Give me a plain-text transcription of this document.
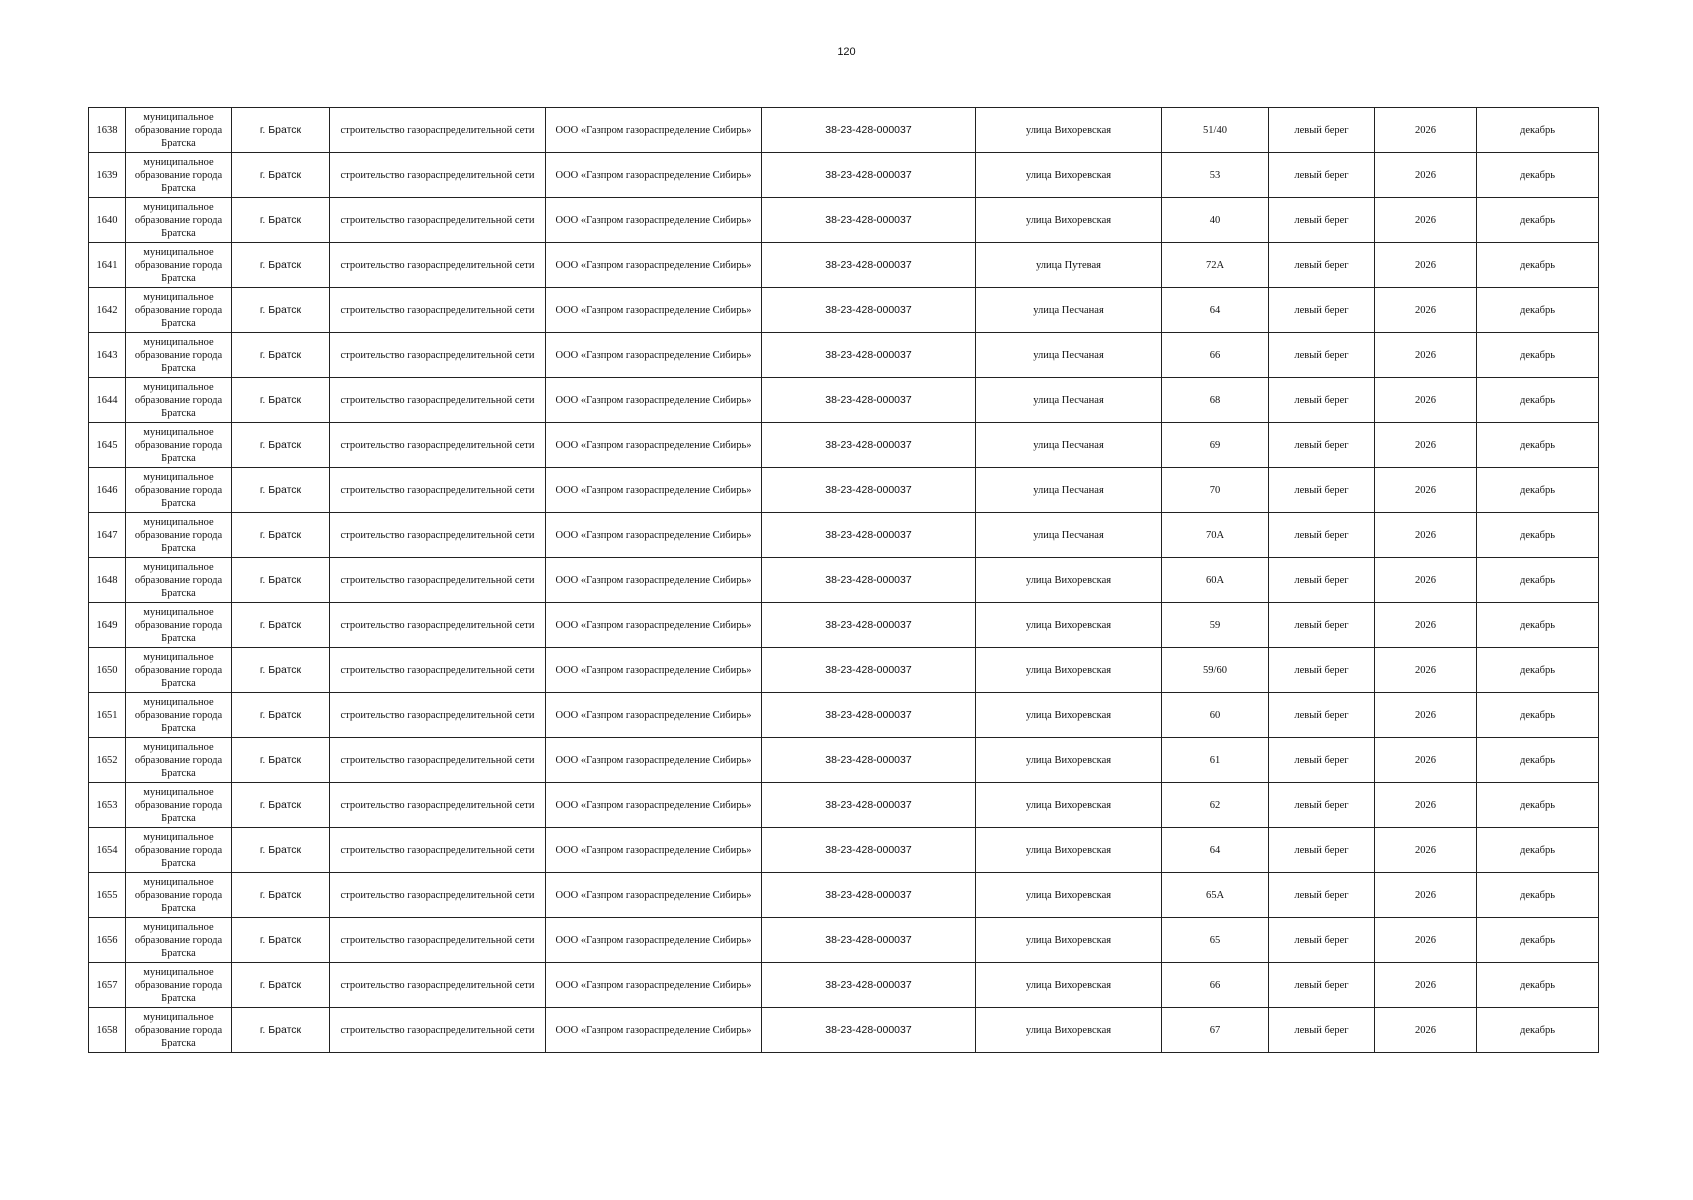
120
1638	муниципальное образование города Братска	г. Братск	строительство газораспределительной сети	ООО «Газпром газораспределение Сибирь»	38-23-428-000037	улица Вихоревская	51/40	левый берег	2026	декабрь
1639	муниципальное образование города Братска	г. Братск	строительство газораспределительной сети	ООО «Газпром газораспределение Сибирь»	38-23-428-000037	улица Вихоревская	53	левый берег	2026	декабрь
1640	муниципальное образование города Братска	г. Братск	строительство газораспределительной сети	ООО «Газпром газораспределение Сибирь»	38-23-428-000037	улица Вихоревская	40	левый берег	2026	декабрь
1641	муниципальное образование города Братска	г. Братск	строительство газораспределительной сети	ООО «Газпром газораспределение Сибирь»	38-23-428-000037	улица Путевая	72А	левый берег	2026	декабрь
1642	муниципальное образование города Братска	г. Братск	строительство газораспределительной сети	ООО «Газпром газораспределение Сибирь»	38-23-428-000037	улица Песчаная	64	левый берег	2026	декабрь
1643	муниципальное образование города Братска	г. Братск	строительство газораспределительной сети	ООО «Газпром газораспределение Сибирь»	38-23-428-000037	улица Песчаная	66	левый берег	2026	декабрь
1644	муниципальное образование города Братска	г. Братск	строительство газораспределительной сети	ООО «Газпром газораспределение Сибирь»	38-23-428-000037	улица Песчаная	68	левый берег	2026	декабрь
1645	муниципальное образование города Братска	г. Братск	строительство газораспределительной сети	ООО «Газпром газораспределение Сибирь»	38-23-428-000037	улица Песчаная	69	левый берег	2026	декабрь
1646	муниципальное образование города Братска	г. Братск	строительство газораспределительной сети	ООО «Газпром газораспределение Сибирь»	38-23-428-000037	улица Песчаная	70	левый берег	2026	декабрь
1647	муниципальное образование города Братска	г. Братск	строительство газораспределительной сети	ООО «Газпром газораспределение Сибирь»	38-23-428-000037	улица Песчаная	70А	левый берег	2026	декабрь
1648	муниципальное образование города Братска	г. Братск	строительство газораспределительной сети	ООО «Газпром газораспределение Сибирь»	38-23-428-000037	улица Вихоревская	60А	левый берег	2026	декабрь
1649	муниципальное образование города Братска	г. Братск	строительство газораспределительной сети	ООО «Газпром газораспределение Сибирь»	38-23-428-000037	улица Вихоревская	59	левый берег	2026	декабрь
1650	муниципальное образование города Братска	г. Братск	строительство газораспределительной сети	ООО «Газпром газораспределение Сибирь»	38-23-428-000037	улица Вихоревская	59/60	левый берег	2026	декабрь
1651	муниципальное образование города Братска	г. Братск	строительство газораспределительной сети	ООО «Газпром газораспределение Сибирь»	38-23-428-000037	улица Вихоревская	60	левый берег	2026	декабрь
1652	муниципальное образование города Братска	г. Братск	строительство газораспределительной сети	ООО «Газпром газораспределение Сибирь»	38-23-428-000037	улица Вихоревская	61	левый берег	2026	декабрь
1653	муниципальное образование города Братска	г. Братск	строительство газораспределительной сети	ООО «Газпром газораспределение Сибирь»	38-23-428-000037	улица Вихоревская	62	левый берег	2026	декабрь
1654	муниципальное образование города Братска	г. Братск	строительство газораспределительной сети	ООО «Газпром газораспределение Сибирь»	38-23-428-000037	улица Вихоревская	64	левый берег	2026	декабрь
1655	муниципальное образование города Братска	г. Братск	строительство газораспределительной сети	ООО «Газпром газораспределение Сибирь»	38-23-428-000037	улица Вихоревская	65А	левый берег	2026	декабрь
1656	муниципальное образование города Братска	г. Братск	строительство газораспределительной сети	ООО «Газпром газораспределение Сибирь»	38-23-428-000037	улица Вихоревская	65	левый берег	2026	декабрь
1657	муниципальное образование города Братска	г. Братск	строительство газораспределительной сети	ООО «Газпром газораспределение Сибирь»	38-23-428-000037	улица Вихоревская	66	левый берег	2026	декабрь
1658	муниципальное образование города Братска	г. Братск	строительство газораспределительной сети	ООО «Газпром газораспределение Сибирь»	38-23-428-000037	улица Вихоревская	67	левый берег	2026	декабрь
